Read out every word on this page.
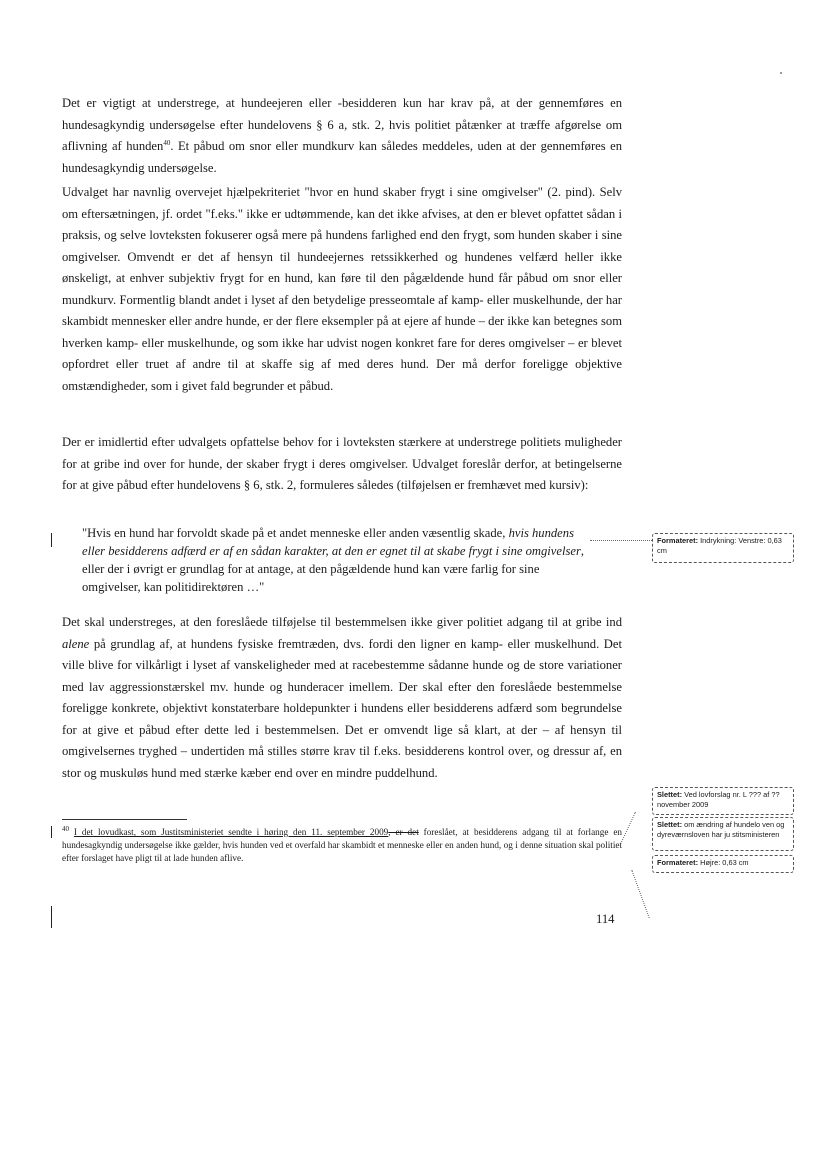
Det er vigtigt at understrege, at hundeejeren eller -besidderen kun har krav på, at der gennemføres en hundesagkyndig undersøgelse efter hundelovens § 6 a, stk. 2, hvis politiet påtænker at træffe afgørelse om aflivning af hunden$^{40}$. Et påbud om snor eller mundkurv kan således meddeles, uden at der gennemføres en hundesagkyndig undersøgelse.

Udvalget har navnlig overvejet hjælpekriteriet "hvor en hund skaber frygt i sine omgivelser" (2. pind). Selv om eftersætningen, jf. ordet "f.eks." ikke er udtømmende, kan det ikke afvises, at den er blevet opfattet sådan i praksis, og selve lovteksten fokuserer også mere på hundens farlighed end den frygt, som hunden skaber i sine omgivelser. Omvendt er det af hensyn til hundeejernes retssikkerhed og hundenes velfærd heller ikke ønskeligt, at enhver subjektiv frygt for en hund, kan føre til den pågældende hund får påbud om snor eller mundkurv. Formentlig blandt andet i lyset af den betydelige presseomtale af kamp- eller muskelhunde, der har skambidt mennesker eller andre hunde, er der flere eksempler på at ejere af hunde – der ikke kan betegnes som hverken kamp- eller muskelhunde, og som ikke har udvist nogen konkret fare for deres omgivelser – er blevet opfordret eller truet af andre til at skaffe sig af med deres hund. Der må derfor foreligge objektive omstændigheder, som i givet fald begrunder et påbud.

Der er imidlertid efter udvalgets opfattelse behov for i lovteksten stærkere at understrege politiets muligheder for at gribe ind over for hunde, der skaber frygt i deres omgivelser. Udvalget foreslår derfor, at betingelserne for at give påbud efter hundelovens § 6, stk. 2, formuleres således (tilføjelsen er fremhævet med kursiv):

"Hvis en hund har forvoldt skade på et andet menneske eller anden væsentlig skade, hvis hundens eller besidderens adfærd er af en sådan karakter, at den er egnet til at skabe frygt i sine omgivelser, eller der i øvrigt er grundlag for at antage, at den pågældende hund kan være farlig for sine omgivelser, kan politidirektøren …"

Det skal understreges, at den foreslåede tilføjelse til bestemmelsen ikke giver politiet adgang til at gribe ind alene på grundlag af, at hundens fysiske fremtræden, dvs. fordi den ligner en kamp- eller muskelhund. Det ville blive for vilkårligt i lyset af vanskeligheder med at racebestemme sådanne hunde og de store variationer med lav aggressionstærskel mv. hunde og hunderacer imellem. Der skal efter den foreslåede bestemmelse foreligge konkrete, objektivt konstaterbare holdepunkter i hundens eller besidderens adfærd som begrundelse for at give et påbud efter dette led i bestemmelsen. Det er omvendt lige så klart, at der – af hensyn til omgivelsernes tryghed – undertiden må stilles større krav til f.eks. besidderens kontrol over, og dressur af, en stor og muskuløs hund med stærke kæber end over en mindre puddelhund.

$^{40}$ I det lovudkast, som Justitsministeriet sendte i høring den 11. september 2009, er det foreslået, at besidderens adgang til at forlange en hundesagkyndig undersøgelse ikke gælder, hvis hunden ved et overfald har skambidt et menneske eller en anden hund, og i denne situation skal politiet efter forslaget have pligt til at lade hunden aflive.

114
Formateret: Indrykning: Venstre: 0,63 cm
Slettet: Ved lovforslag nr. L ??? af ?? november 2009
Slettet: om ændring af hundelo ven og dyreværnsloven har ju stitsministeren
Formateret: Højre: 0,63 cm
